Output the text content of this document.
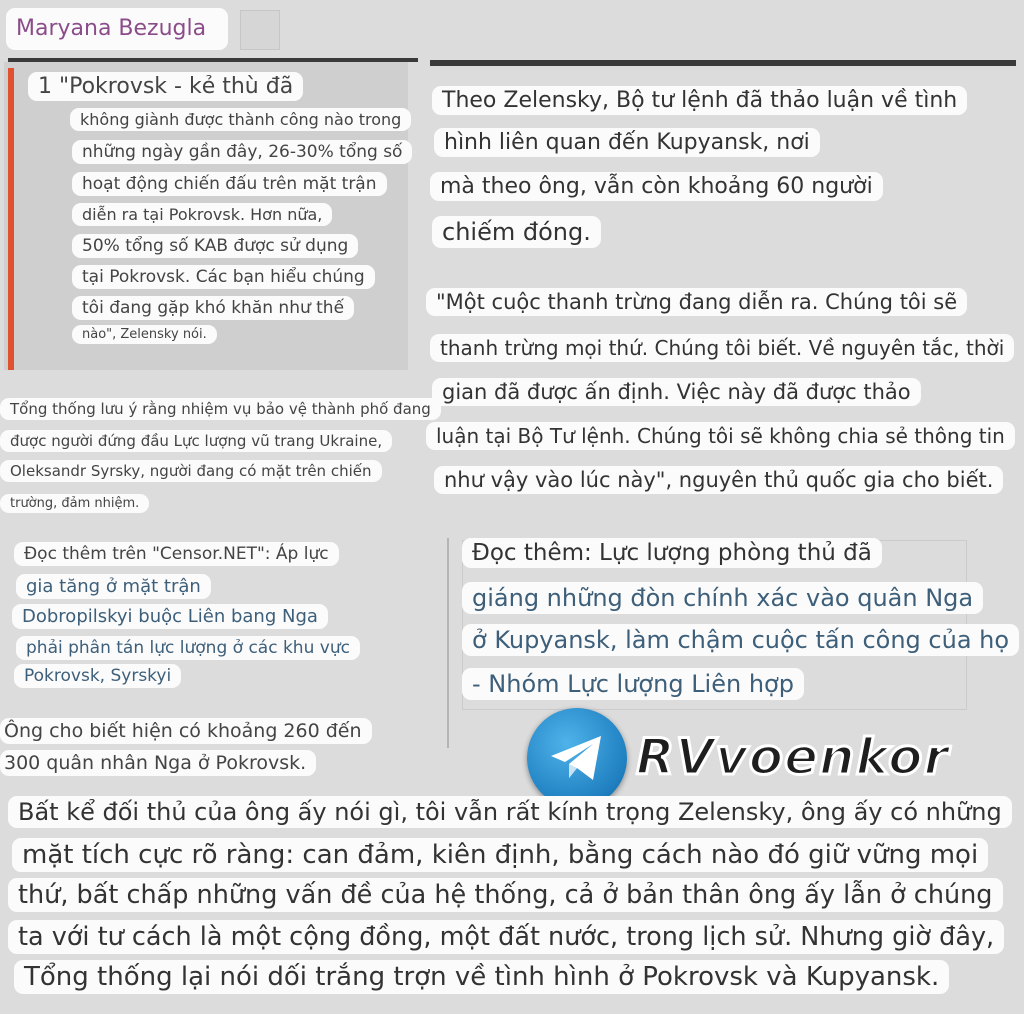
Maryana Bezugla
1 "Pokrovsk - kẻ thù đã
không giành được thành công nào trong
những ngày gần đây, 26-30% tổng số
hoạt động chiến đấu trên mặt trận
diễn ra tại Pokrovsk. Hơn nữa,
50% tổng số KAB được sử dụng
tại Pokrovsk. Các bạn hiểu chúng
tôi đang gặp khó khăn như thế
nào", Zelensky nói.
Tổng thống lưu ý rằng nhiệm vụ bảo vệ thành phố đang
được người đứng đầu Lực lượng vũ trang Ukraine,
Oleksandr Syrsky, người đang có mặt trên chiến
trường, đảm nhiệm.
Đọc thêm trên "Censor.NET": Áp lực
gia tăng ở mặt trận
Dobropilskyi buộc Liên bang Nga
phải phân tán lực lượng ở các khu vực
Pokrovsk, Syrskyi
Ông cho biết hiện có khoảng 260 đến
300 quân nhân Nga ở Pokrovsk.
Theo Zelensky, Bộ tư lệnh đã thảo luận về tình
hình liên quan đến Kupyansk, nơi
mà theo ông, vẫn còn khoảng 60 người
chiếm đóng.
"Một cuộc thanh trừng đang diễn ra. Chúng tôi sẽ
thanh trừng mọi thứ. Chúng tôi biết. Về nguyên tắc, thời
gian đã được ấn định. Việc này đã được thảo
luận tại Bộ Tư lệnh. Chúng tôi sẽ không chia sẻ thông tin
như vậy vào lúc này", nguyên thủ quốc gia cho biết.
Đọc thêm: Lực lượng phòng thủ đã
giáng những đòn chính xác vào quân Nga
ở Kupyansk, làm chậm cuộc tấn công của họ
- Nhóm Lực lượng Liên hợp
RVvoenkor
Bất kể đối thủ của ông ấy nói gì, tôi vẫn rất kính trọng Zelensky, ông ấy có những
mặt tích cực rõ ràng: can đảm, kiên định, bằng cách nào đó giữ vững mọi
thứ, bất chấp những vấn đề của hệ thống, cả ở bản thân ông ấy lẫn ở chúng
ta với tư cách là một cộng đồng, một đất nước, trong lịch sử. Nhưng giờ đây,
Tổng thống lại nói dối trắng trợn về tình hình ở Pokrovsk và Kupyansk.
